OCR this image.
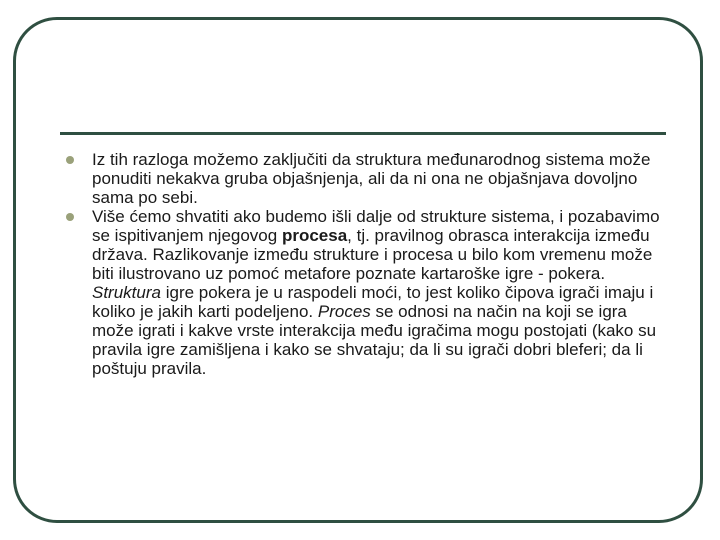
Iz tih razloga možemo zaključiti da struktura međunarodnog sistema može ponuditi nekakva gruba objašnjenja, ali da ni ona ne objašnjava dovoljno sama po sebi.
Više ćemo shvatiti ako budemo išli dalje od strukture sistema, i pozabavimo se ispitivanjem njegovog procesa, tj. pravilnog obrasca interakcija između država. Razlikovanje između strukture i procesa u bilo kom vremenu može biti ilustrovano uz pomoć metafore poznate kartaroške igre - pokera. Struktura igre pokera je u raspodeli moći, to jest koliko čipova igrači imaju i koliko je jakih karti podeljeno. Proces se odnosi na način na koji se igra može igrati i kakve vrste interakcija među igračima mogu postojati (kako su pravila igre zamišljena i kako se shvataju; da li su igrači dobri blеferi; da li poštuju pravila.
